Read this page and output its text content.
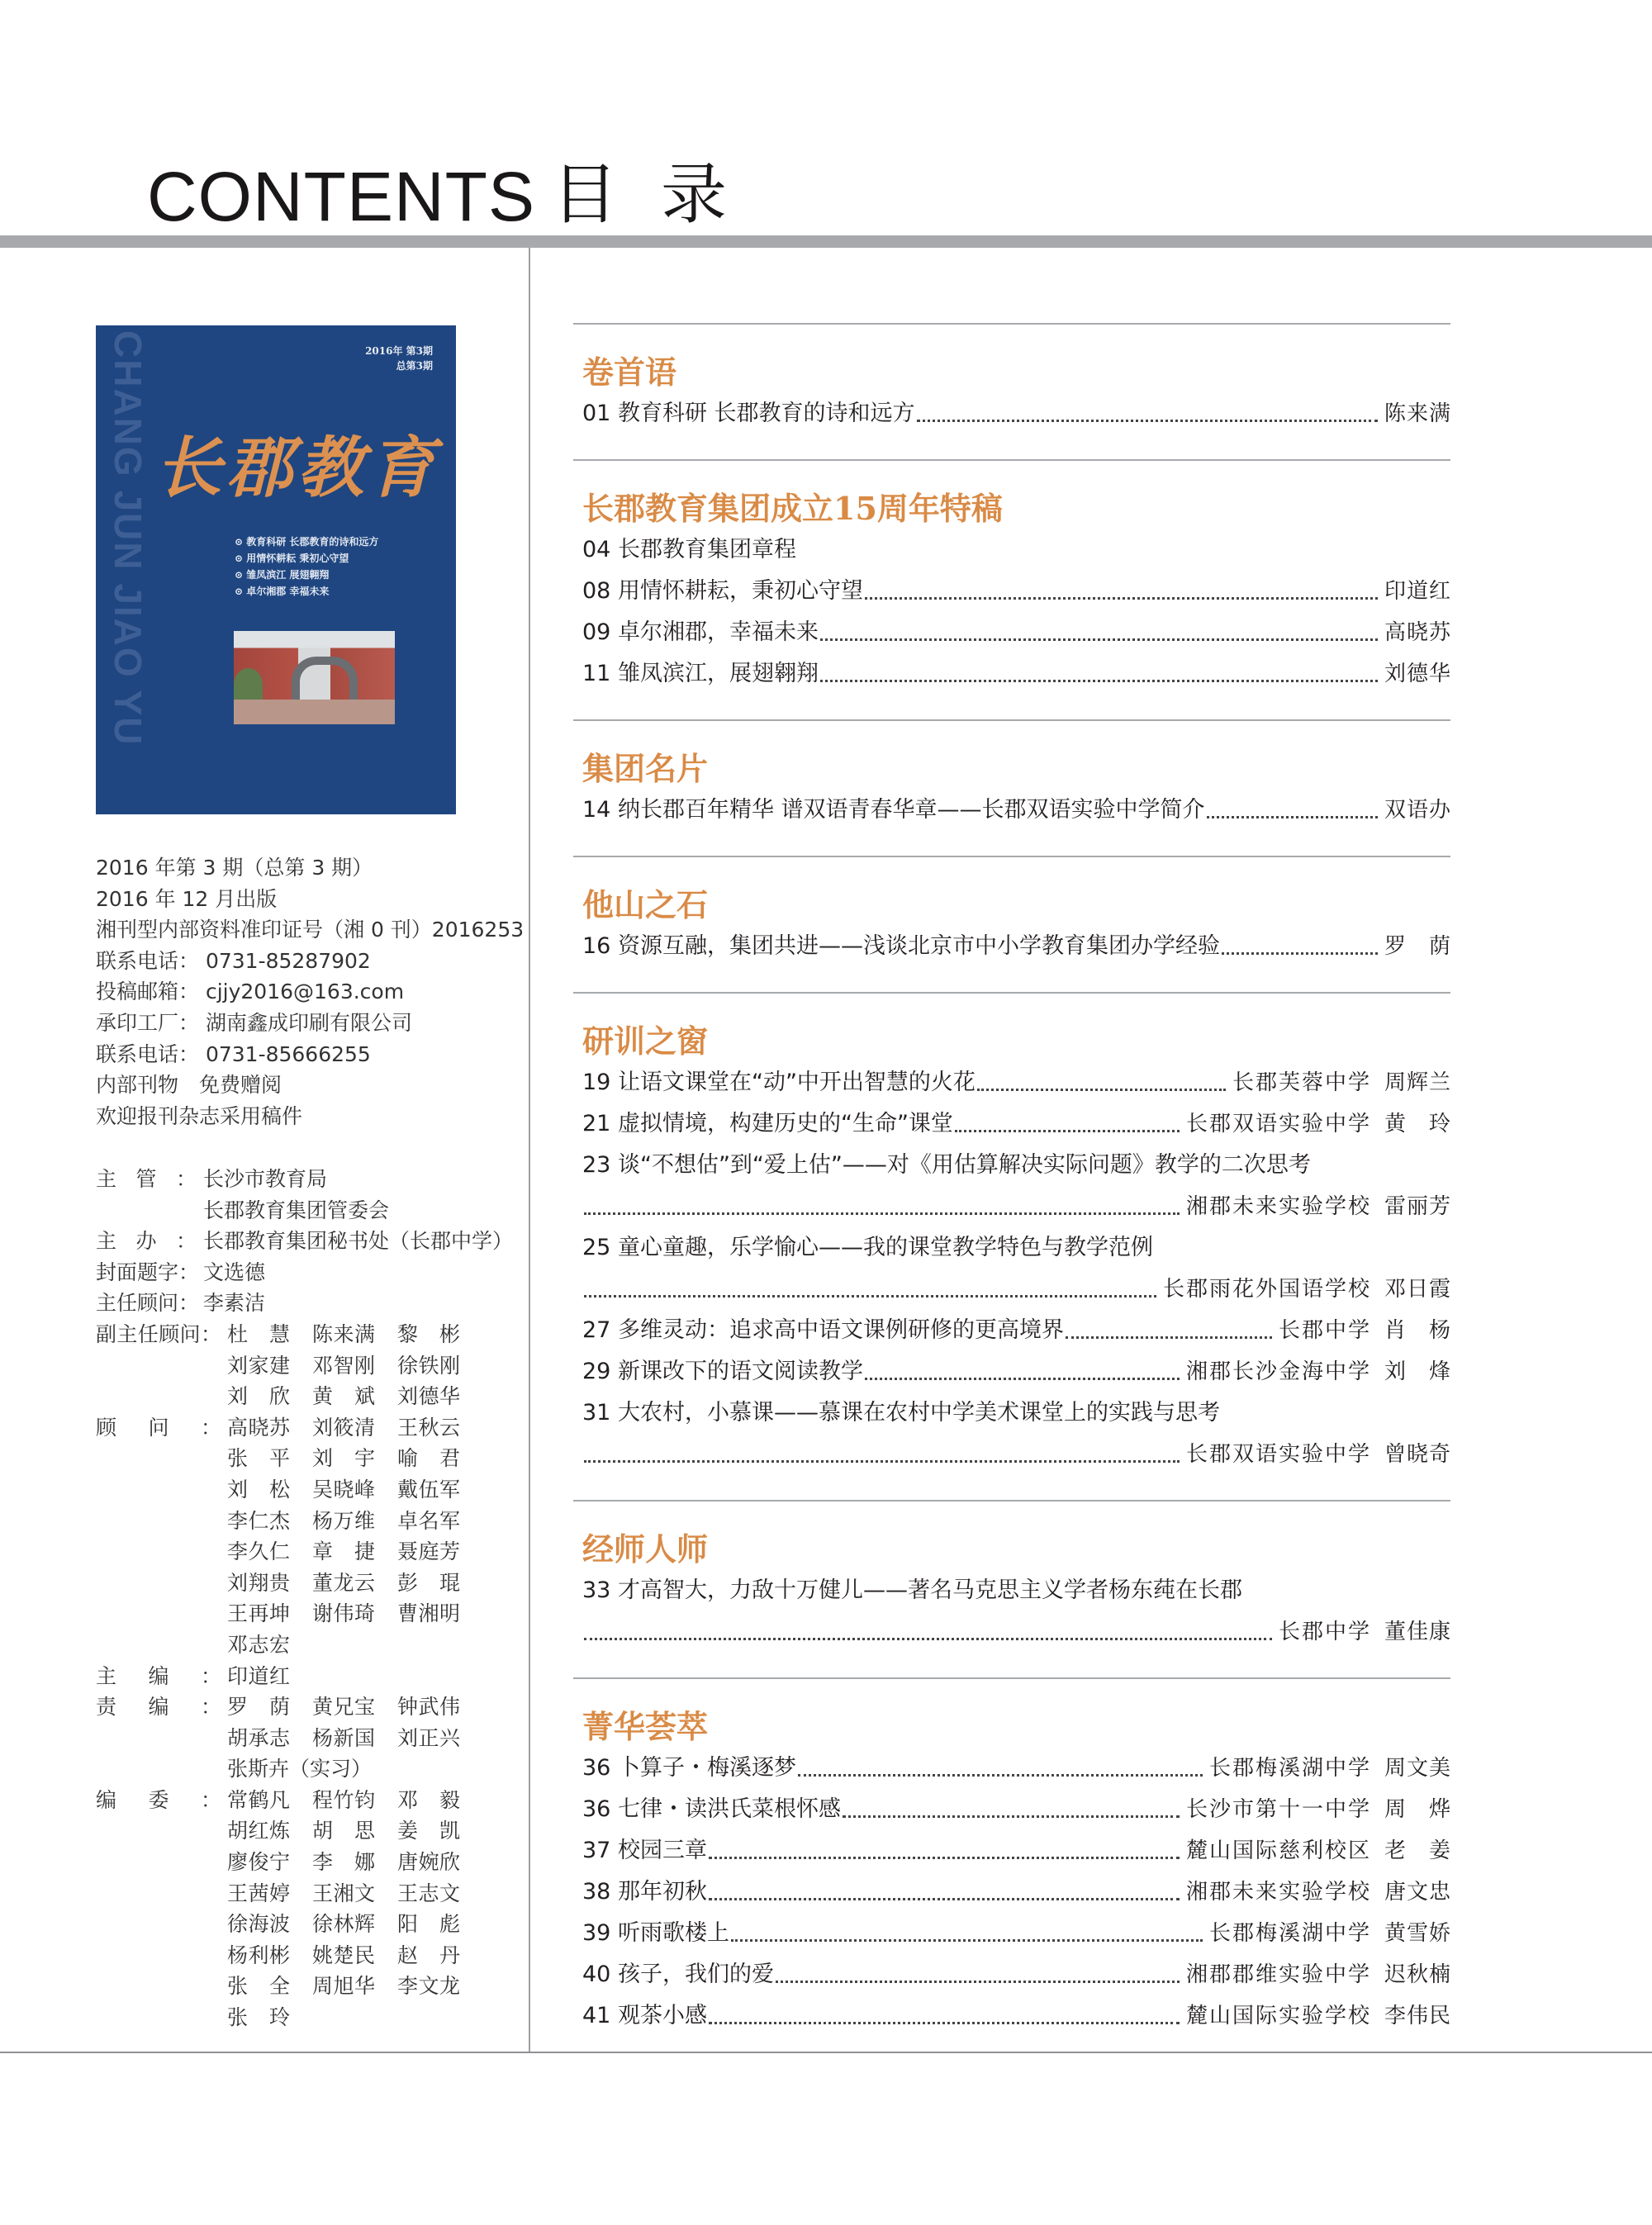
CONTENTS 目录
CHANG JUN JIAO YU	2016年 第3期
总第3期
长郡教育
⊙ 教育科研 长郡教育的诗和远方
⊙ 用情怀耕耘 秉初心守望
⊙ 雏凤滨江 展翅翱翔
⊙ 卓尔湘郡 幸福未来
2016 年第 3 期（总第 3 期）
2016 年 12 月出版
湘刊型内部资料准印证号（湘 0 刊）2016253
联系电话： 0731-85287902
投稿邮箱： cjjy2016@163.com
承印工厂： 湖南鑫成印刷有限公司
联系电话： 0731-85666255
内部刊物　免费赠阅
欢迎报刊杂志采用稿件
主管： 长沙市教育局
长郡教育集团管委会
主办： 长郡教育集团秘书处（长郡中学）
封面题字： 文选德
主任顾问： 李素洁
副主任顾问： 杜慧 陈来满 黎彬
刘家建 邓智刚 徐铁刚
刘欣 黄斌 刘德华
顾问： 高晓苏 刘筱清 王秋云
张平 刘宇 喻君
刘松 吴晓峰 戴伍军
李仁杰 杨万维 卓名军
李久仁 章捷 聂庭芳
刘翔贵 董龙云 彭琨
王再坤 谢伟琦 曹湘明
邓志宏
主编： 印道红
责编： 罗荫 黄兄宝 钟武伟
胡承志 杨新国 刘正兴
张斯卉（实习）
编委： 常鹤凡 程竹钧 邓毅
胡红炼 胡思 姜凯
廖俊宁 李娜 唐婉欣
王茜婷 王湘文 王志文
徐海波 徐林辉 阳彪
杨利彬 姚楚民 赵丹
张全 周旭华 李文龙
张玲
卷首语
01 教育科研 长郡教育的诗和远方	陈来满
长郡教育集团成立15周年特稿
04 长郡教育集团章程
08 用情怀耕耘，秉初心守望	印道红
09 卓尔湘郡，幸福未来	高晓苏
11 雏凤滨江，展翅翱翔	刘德华
集团名片
14 纳长郡百年精华 谱双语青春华章——长郡双语实验中学简介	双语办
他山之石
16 资源互融，集团共进——浅谈北京市中小学教育集团办学经验	罗荫
研训之窗
19 让语文课堂在“动”中开出智慧的火花	长郡芙蓉中学 周辉兰
21 虚拟情境，构建历史的“生命”课堂	长郡双语实验中学 黄玲
23 谈“不想估”到“爱上估”——对《用估算解决实际问题》教学的二次思考
湘郡未来实验学校 雷丽芳
25 童心童趣，乐学愉心——我的课堂教学特色与教学范例
长郡雨花外国语学校 邓日霞
27 多维灵动：追求高中语文课例研修的更高境界	长郡中学 肖杨
29 新课改下的语文阅读教学	湘郡长沙金海中学 刘烽
31 大农村，小慕课——慕课在农村中学美术课堂上的实践与思考
长郡双语实验中学 曾晓奇
经师人师
33 才高智大，力敌十万健儿——著名马克思主义学者杨东莼在长郡
长郡中学 董佳康
菁华荟萃
36 卜算子・梅溪逐梦	长郡梅溪湖中学 周文美
36 七律・读洪氏菜根怀感	长沙市第十一中学 周烨
37 校园三章	麓山国际慈利校区 老姜
38 那年初秋	湘郡未来实验学校 唐文忠
39 听雨歌楼上	长郡梅溪湖中学 黄雪娇
40 孩子，我们的爱	湘郡郡维实验中学 迟秋楠
41 观茶小感	麓山国际实验学校 李伟民
